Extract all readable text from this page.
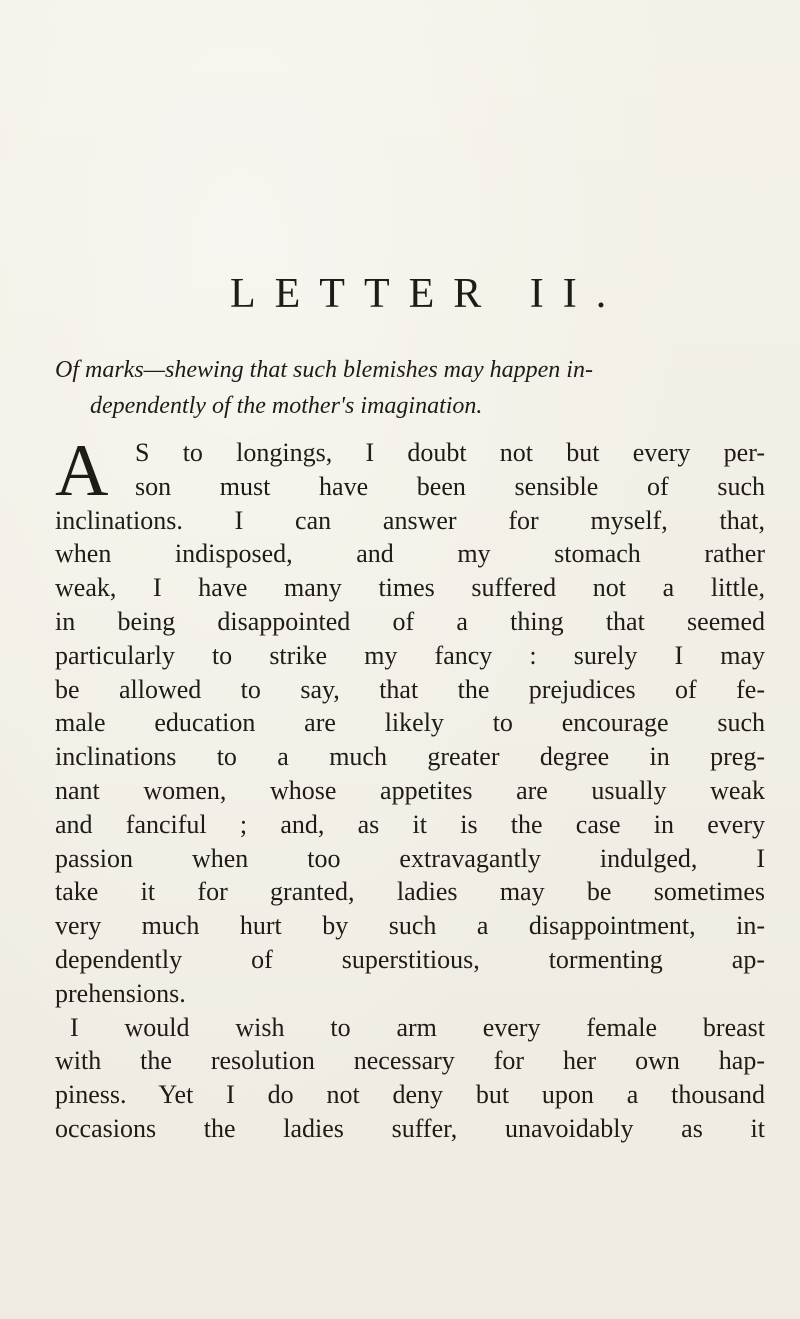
LETTER II.
Of marks—shewing that such blemishes may happen in-
dependently of the mother's imagination.
A	S to longings, I doubt not but every per-
son must have been sensible of such
inclinations. I can answer for myself, that,
when indisposed, and my stomach rather
weak, I have many times suffered not a little,
in being disappointed of a thing that seemed
particularly to strike my fancy : surely I may
be allowed to say, that the prejudices of fe-
male education are likely to encourage such
inclinations to a much greater degree in preg-
nant women, whose appetites are usually weak
and fanciful ; and, as it is the case in every
passion when too extravagantly indulged, I
take it for granted, ladies may be sometimes
very much hurt by such a disappointment, in-
dependently of superstitious, tormenting ap-
prehensions.
I would wish to arm every female breast
with the resolution necessary for her own hap-
piness. Yet I do not deny but upon a thousand
occasions the ladies suffer, unavoidably as it
